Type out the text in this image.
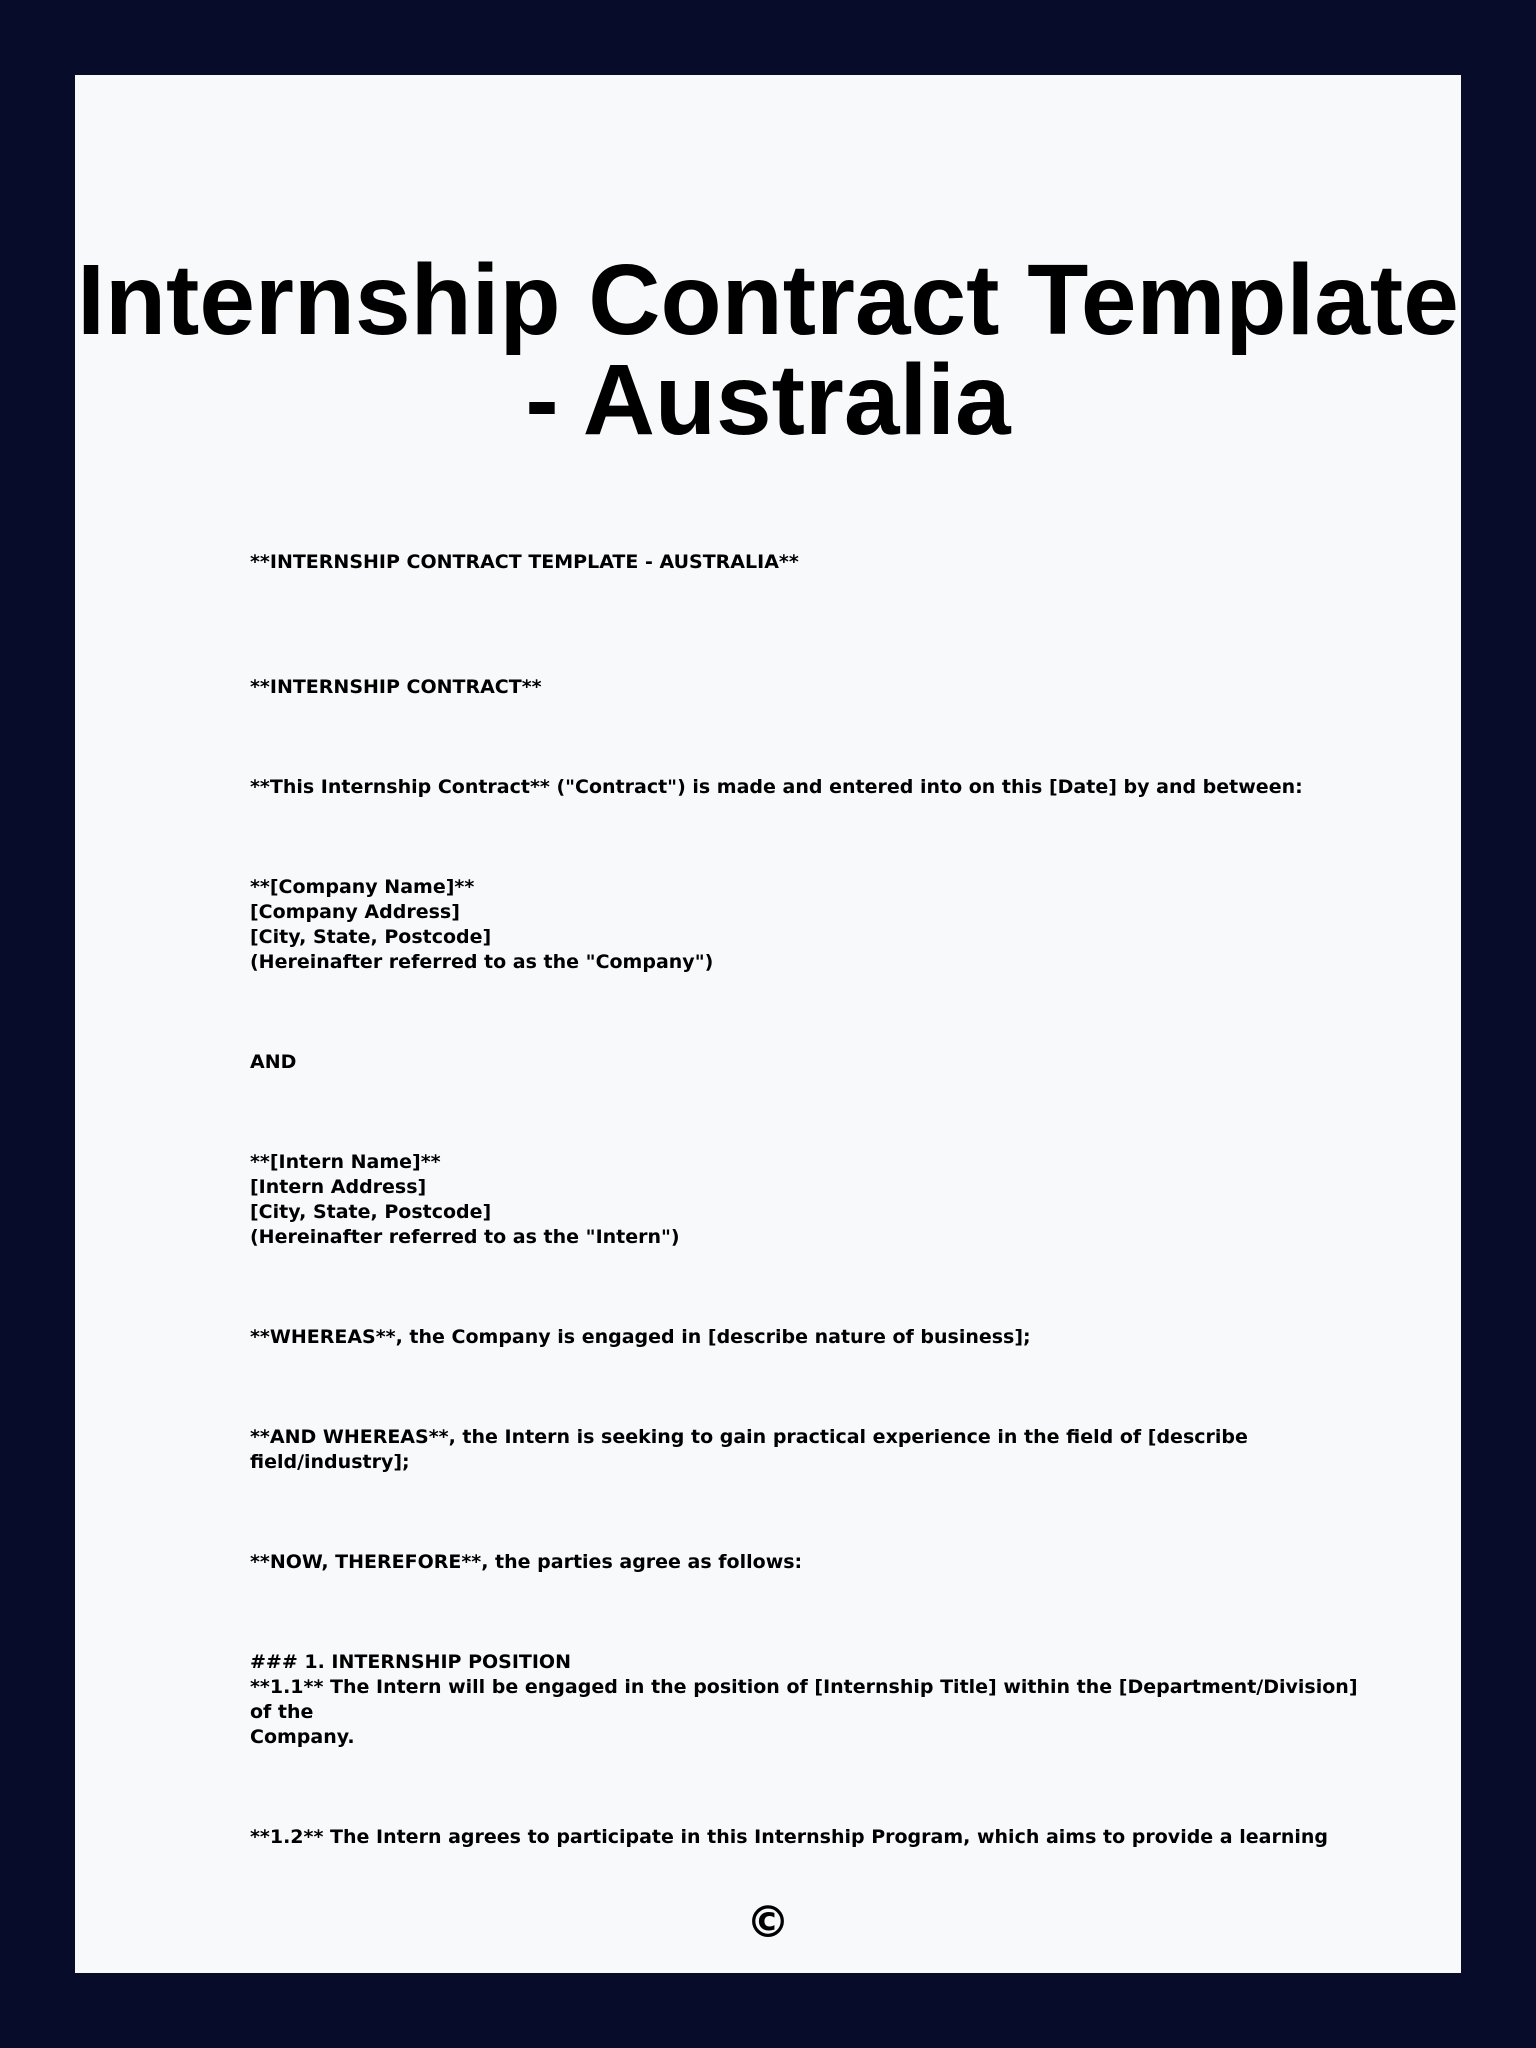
Internship Contract Template
- Australia

**INTERNSHIP CONTRACT TEMPLATE - AUSTRALIA**

**INTERNSHIP CONTRACT**

**This Internship Contract** ("Contract") is made and entered into on this [Date] by and between:

**[Company Name]**
[Company Address]
[City, State, Postcode]
(Hereinafter referred to as the "Company")

AND

**[Intern Name]**
[Intern Address]
[City, State, Postcode]
(Hereinafter referred to as the "Intern")

**WHEREAS**, the Company is engaged in [describe nature of business];

**AND WHEREAS**, the Intern is seeking to gain practical experience in the field of [describe
field/industry];

**NOW, THEREFORE**, the parties agree as follows:

### 1. INTERNSHIP POSITION
**1.1** The Intern will be engaged in the position of [Internship Title] within the [Department/Division] of the
Company.

**1.2** The Intern agrees to participate in this Internship Program, which aims to provide a learning

©
